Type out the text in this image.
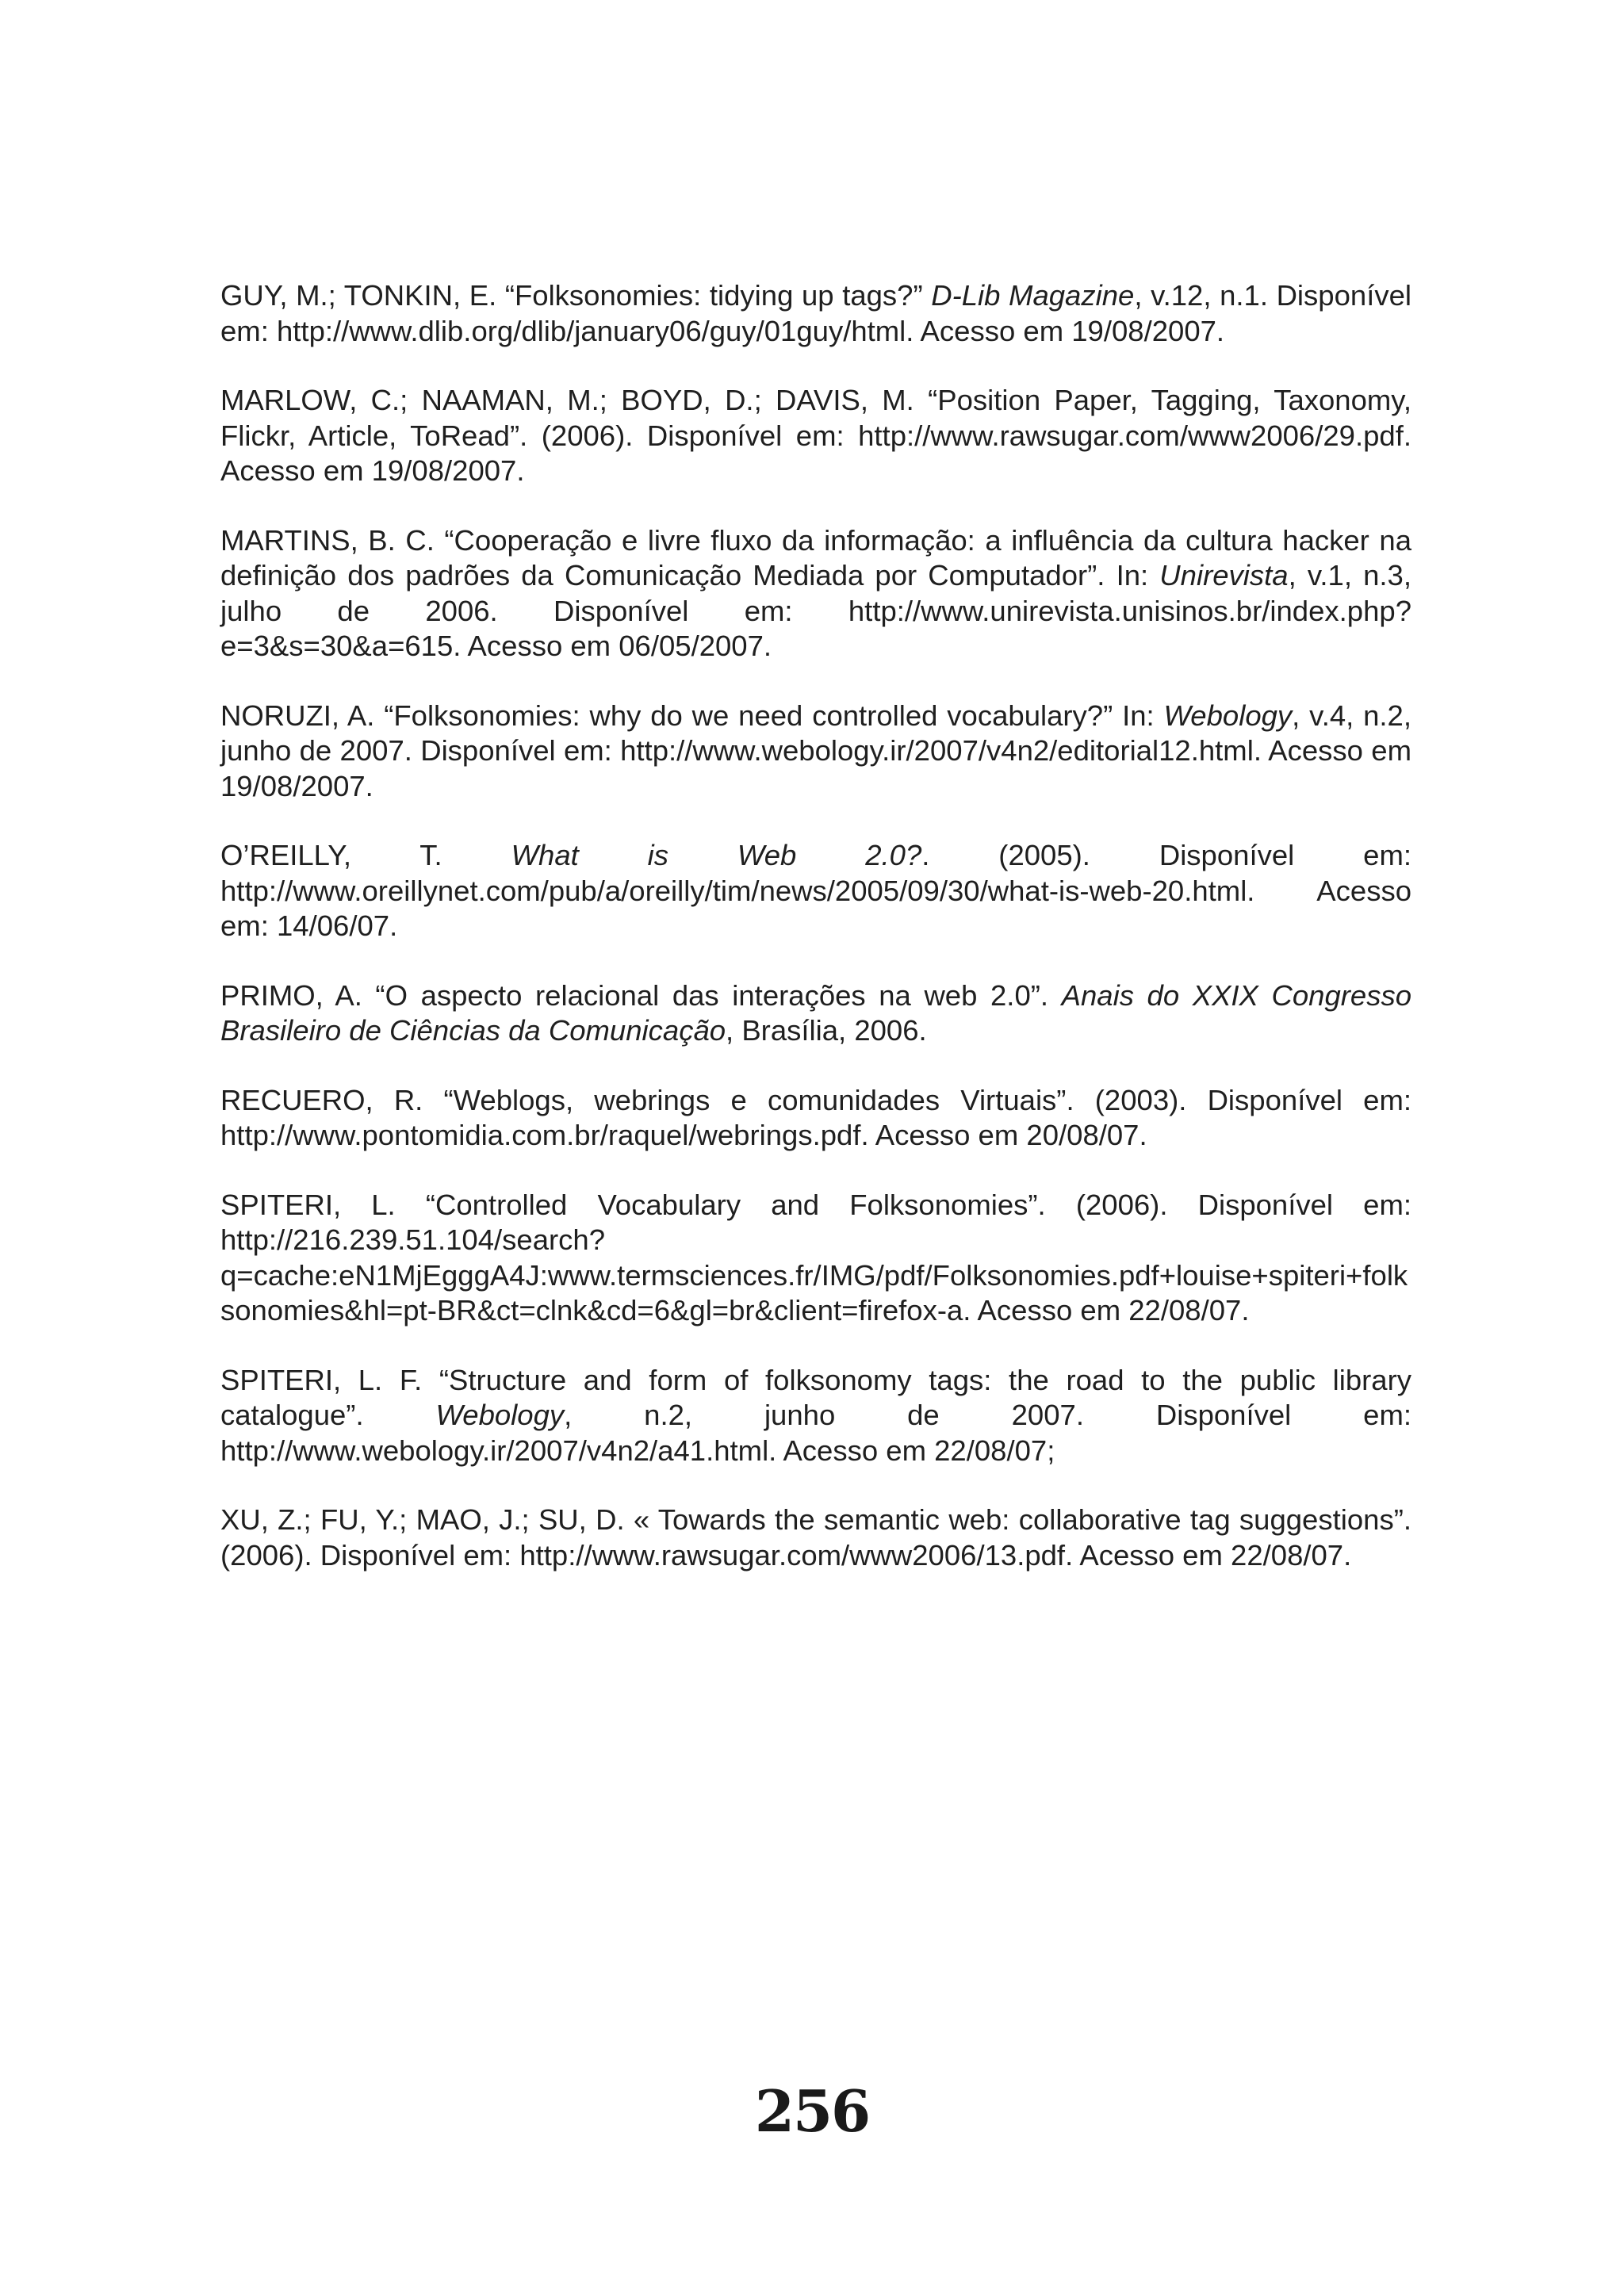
GUY, M.; TONKIN, E. “Folksonomies: tidying up tags?” D-Lib Magazine, v.12, n.1. Disponível em: http://www.dlib.org/dlib/january06/guy/01guy/html. Acesso em 19/08/2007.

MARLOW, C.; NAAMAN, M.; BOYD, D.; DAVIS, M. “Position Paper, Tagging, Taxonomy, Flickr, Article, ToRead”. (2006). Disponível em: http://www.rawsugar.com/www2006/29.pdf. Acesso em 19/08/2007.

MARTINS, B. C. “Cooperação e livre fluxo da informação: a influência da cultura hacker na definição dos padrões da Comunicação Mediada por Computador”. In: Unirevista, v.1, n.3, julho de 2006. Disponível em: http://www.unirevista.unisinos.br/index.php?e=3&s=30&a=615. Acesso em 06/05/2007.

NORUZI, A. “Folksonomies: why do we need controlled vocabulary?” In: Webology, v.4, n.2, junho de 2007. Disponível em: http://www.webology.ir/2007/v4n2/editorial12.html. Acesso em 19/08/2007.

O’REILLY, T. What is Web 2.0?. (2005). Disponível em: http://www.oreillynet.com/pub/a/oreilly/tim/news/2005/09/30/what-is-web-20.html. Acesso em: 14/06/07.

PRIMO, A. “O aspecto relacional das interações na web 2.0”. Anais do XXIX Congresso Brasileiro de Ciências da Comunicação, Brasília, 2006.

RECUERO, R. “Weblogs, webrings e comunidades Virtuais”. (2003). Disponível em: http://www.pontomidia.com.br/raquel/webrings.pdf. Acesso em 20/08/07.

SPITERI, L. “Controlled Vocabulary and Folksonomies”. (2006). Disponível em: http://216.239.51.104/search?q=cache:eN1MjEgggA4J:www.termsciences.fr/IMG/pdf/Folksonomies.pdf+louise+spiteri+folksonomies&hl=pt-BR&ct=clnk&cd=6&gl=br&client=firefox-a. Acesso em 22/08/07.

SPITERI, L. F. “Structure and form of folksonomy tags: the road to the public library catalogue”. Webology, n.2, junho de 2007. Disponível em: http://www.webology.ir/2007/v4n2/a41.html. Acesso em 22/08/07;

XU, Z.; FU, Y.; MAO, J.; SU, D. « Towards the semantic web: collaborative tag suggestions”. (2006). Disponível em: http://www.rawsugar.com/www2006/13.pdf. Acesso em 22/08/07.

256
